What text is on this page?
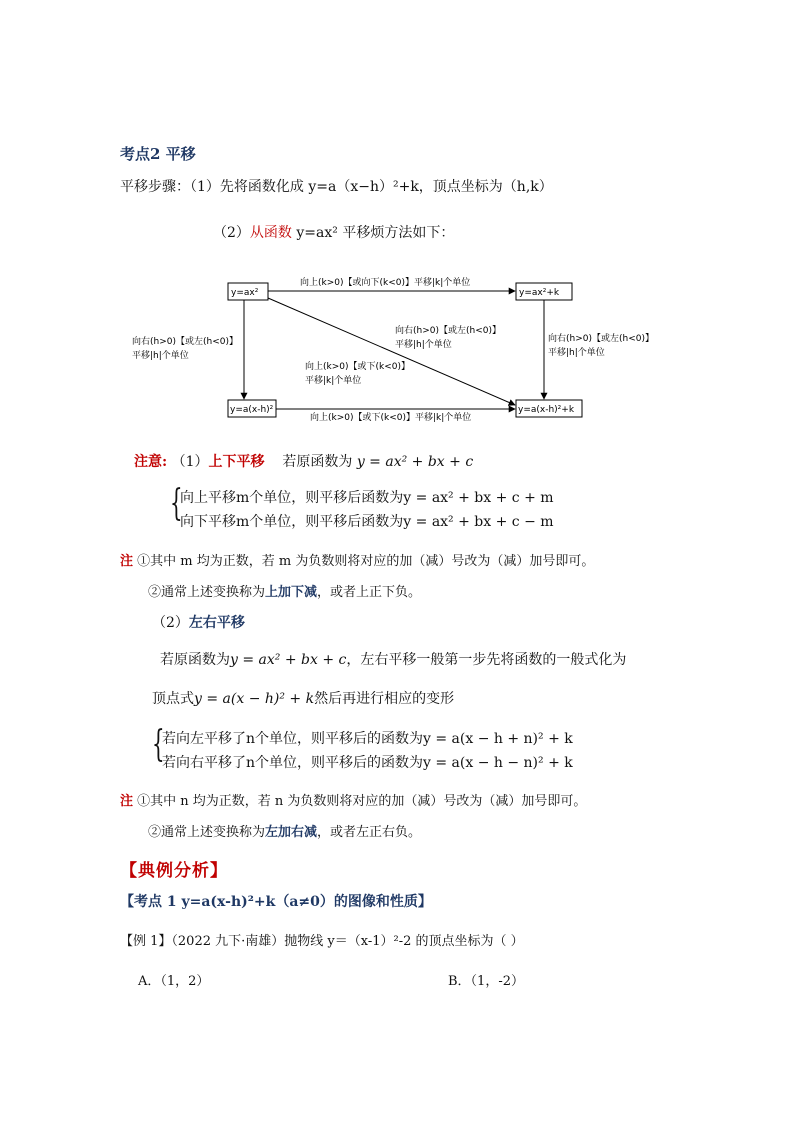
考点2 平移
平移步骤：（1）先将函数化成 y=a（x−h）²+k，顶点坐标为（h,k）
（2）从函数 y=ax² 平移烦方法如下：
y=ax²	y=ax²+k
y=a(x-h)²	y=a(x-h)²+k
向上(k>0)【或向下(k<0)】平移|k|个单位
向上(k>0)【或下(k<0)】平移|k|个单位
向右(h>0)【或左(h<0)】
平移|h|个单位
向右(h>0)【或左(h<0)】
平移|h|个单位
向右(h>0)【或左(h<0)】
平移|h|个单位
向上(k>0)【或下(k<0)】
平移|k|个单位
注意: （1）上下平移 若原函数为 y = ax² + bx + c
{
向上平移m个单位，则平移后函数为y = ax² + bx + c + m
向下平移m个单位，则平移后函数为y = ax² + bx + c − m
注 ①其中 m 均为正数，若 m 为负数则将对应的加（减）号改为（减）加号即可。
②通常上述变换称为上加下减，或者上正下负。
（2）左右平移
若原函数为y = ax² + bx + c，左右平移一般第一步先将函数的一般式化为
顶点式y = a(x − h)² + k然后再进行相应的变形
{
若向左平移了n个单位，则平移后的函数为y = a(x − h + n)² + k
若向右平移了n个单位，则平移后的函数为y = a(x − h − n)² + k
注 ①其中 n 均为正数，若 n 为负数则将对应的加（减）号改为（减）加号即可。
②通常上述变换称为左加右减，或者左正右负。
【典例分析】
【考点 1 y=a(x-h)²+k（a≠0）的图像和性质】
【例 1】（2022 九下·南雄）抛物线 y＝（x-1）²-2 的顶点坐标为（ ）
A．（1，2）	B．（1，-2）
